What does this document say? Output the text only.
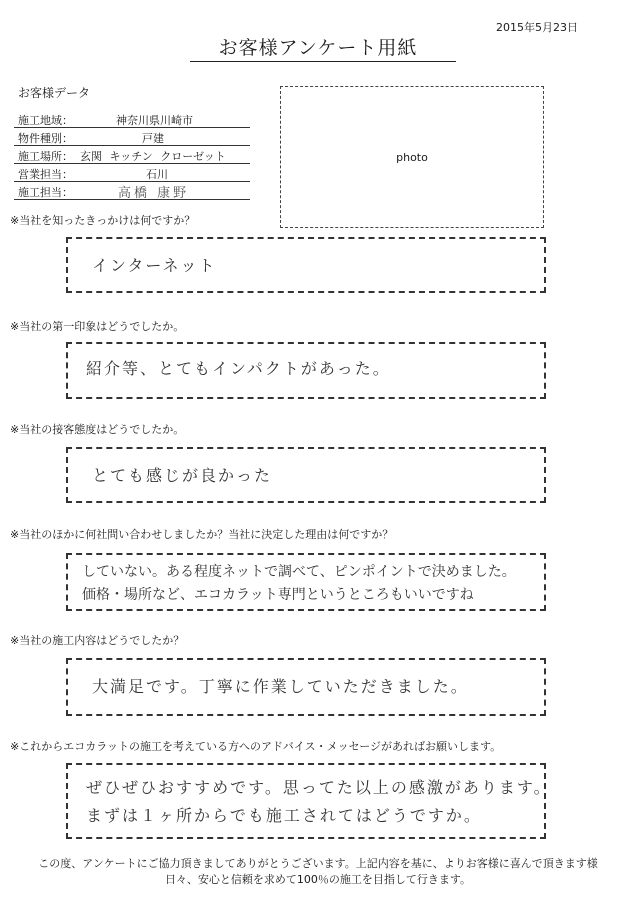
2015年5月23日
お客様アンケート用紙
お客様データ
施工地域：	神奈川県川崎市
物件種別：	戸建
施工場所： 玄関 キッチン クローゼット
営業担当：	石川
施工担当：	高橋 康野
photo
※当社を知ったきっかけは何ですか？
インターネット
※当社の第一印象はどうでしたか。
紹介等、とてもインパクトがあった。
※当社の接客態度はどうでしたか。
とても感じが良かった
※当社のほかに何社問い合わせしましたか？当社に決定した理由は何ですか？
していない。ある程度ネットで調べて、ピンポイントで決めました。
価格・場所など、エコカラット専門というところもいいですね
※当社の施工内容はどうでしたか？
大満足です。丁寧に作業していただきました。
※これからエコカラットの施工を考えている方へのアドバイス・メッセージがあればお願いします。
ぜひぜひおすすめです。思ってた以上の感激があります。
まずは１ヶ所からでも施工されてはどうですか。
この度、アンケートにご協力頂きましてありがとうございます。上記内容を基に、よりお客様に喜んで頂きます様
日々、安心と信頼を求めて100％の施工を目指して行きます。
